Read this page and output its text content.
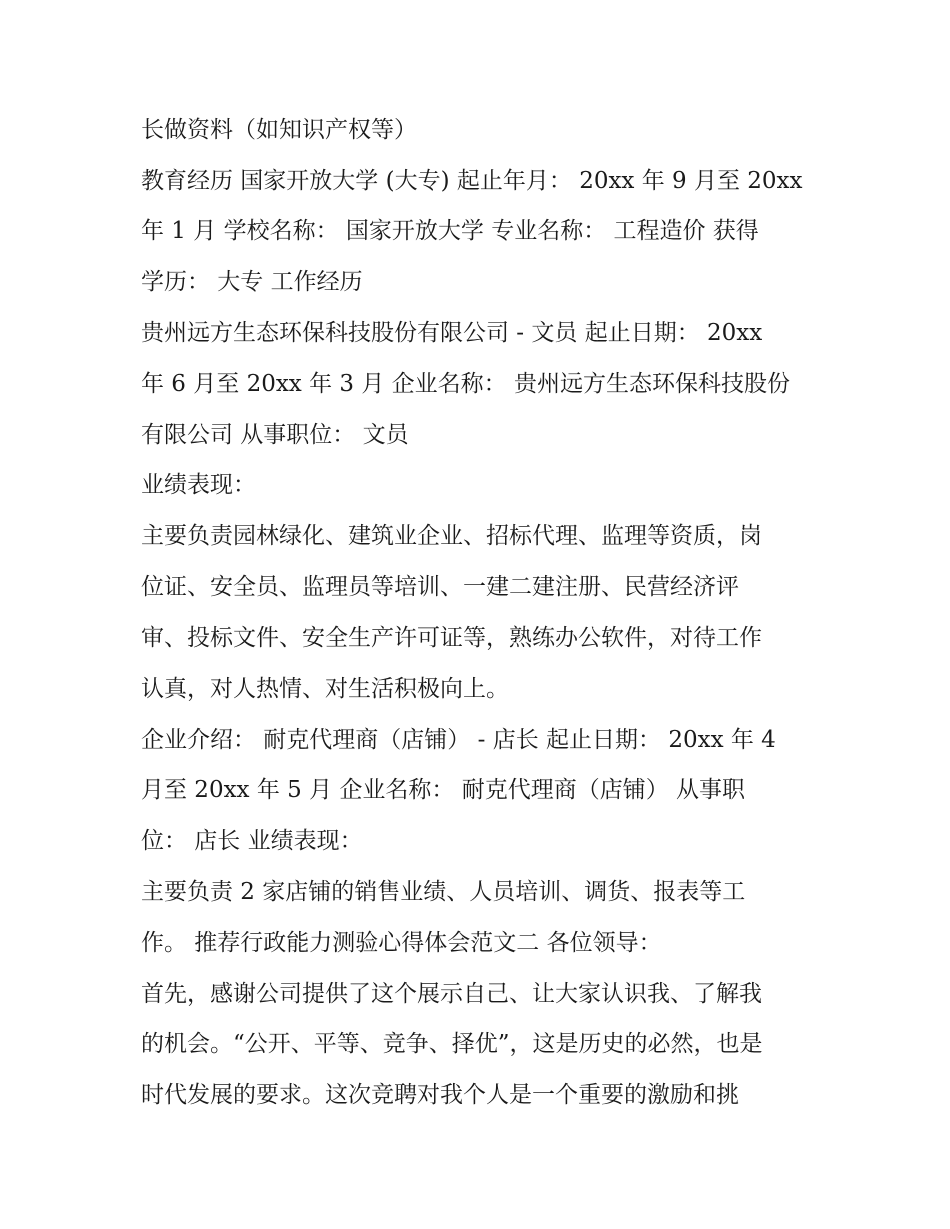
长做资料（如知识产权等）

教育经历 国家开放大学 (大专) 起止年月： 20xx 年 9 月至 20xx

年 1 月 学校名称： 国家开放大学 专业名称： 工程造价 获得

学历： 大专 工作经历

贵州远方生态环保科技股份有限公司 - 文员 起止日期： 20xx

年 6 月至 20xx 年 3 月 企业名称： 贵州远方生态环保科技股份

有限公司 从事职位： 文员

业绩表现：

主要负责园林绿化、建筑业企业、招标代理、监理等资质，岗

位证、安全员、监理员等培训、一建二建注册、民营经济评

审、投标文件、安全生产许可证等，熟练办公软件，对待工作

认真，对人热情、对生活积极向上。

企业介绍： 耐克代理商（店铺） - 店长 起止日期： 20xx 年 4

月至 20xx 年 5 月 企业名称： 耐克代理商（店铺） 从事职

位： 店长 业绩表现：

主要负责 2 家店铺的销售业绩、人员培训、调货、报表等工

作。 推荐行政能力测验心得体会范文二 各位领导：

首先，感谢公司提供了这个展示自己、让大家认识我、了解我

的机会。“公开、平等、竞争、择优”，这是历史的必然，也是

时代发展的要求。这次竞聘对我个人是一个重要的激励和挑
